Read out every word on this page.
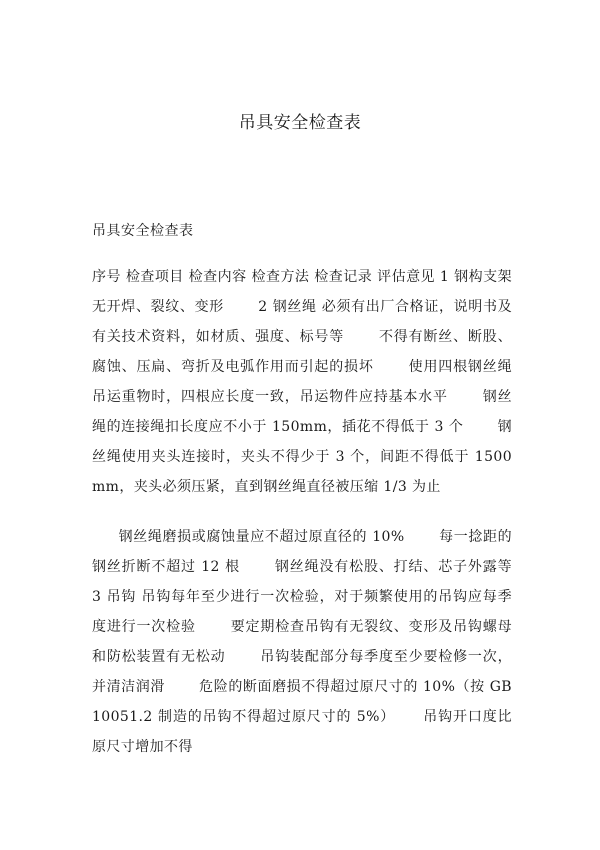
吊具安全检查表
吊具安全检查表
序号 检查项目 检查内容 检查方法 检查记录 评估意见 1 钢构支架 无开焊、裂纹、变形　　 2 钢丝绳 必须有出厂合格证，说明书及有关技术资料，如材质、强度、标号等　　 不得有断丝、断股、腐蚀、压扁、弯折及电弧作用而引起的损坏　　 使用四根钢丝绳吊运重物时，四根应长度一致，吊运物件应持基本水平　　 钢丝绳的连接绳扣长度应不小于 150mm，插花不得低于 3 个　　 钢丝绳使用夹头连接时，夹头不得少于 3 个，间距不得低于 1500mm，夹头必须压紧，直到钢丝绳直径被压缩 1/3 为止
钢丝绳磨损或腐蚀量应不超过原直径的 10%　　 每一捻距的钢丝折断不超过 12 根　　 钢丝绳没有松股、打结、芯子外露等　　 3 吊钩 吊钩每年至少进行一次检验，对于频繁使用的吊钩应每季度进行一次检验　　 要定期检查吊钩有无裂纹、变形及吊钩螺母和防松装置有无松动　　 吊钩装配部分每季度至少要检修一次，并清洁润滑　　 危险的断面磨损不得超过原尺寸的 10%（按 GB10051.2 制造的吊钩不得超过原尺寸的 5%）　　 吊钩开口度比原尺寸增加不得
